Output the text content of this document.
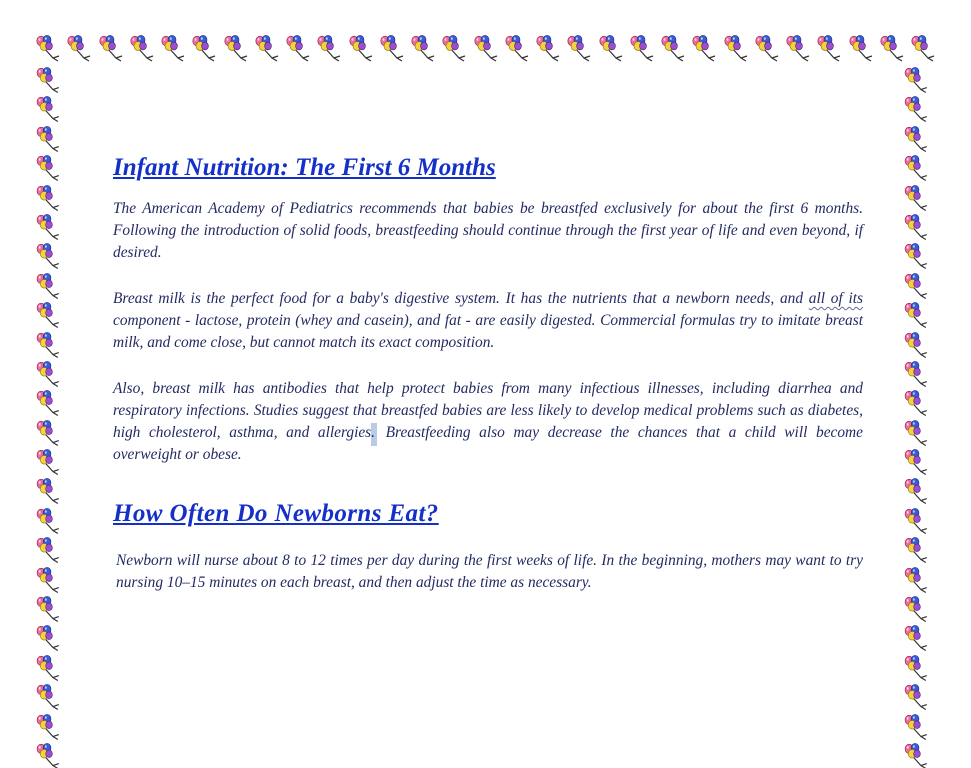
Infant Nutrition: The First 6 Months

The American Academy of Pediatrics recommends that babies be breastfed exclusively for about the first 6 months. Following the introduction of solid foods, breastfeeding should continue through the first year of life and even beyond, if desired.

Breast milk is the perfect food for a baby's digestive system. It has the nutrients that a newborn needs, and all of its component - lactose, protein (whey and casein), and fat - are easily digested. Commercial formulas try to imitate breast milk, and come close, but cannot match its exact composition.

Also, breast milk has antibodies that help protect babies from many infectious illnesses, including diarrhea and respiratory infections. Studies suggest that breastfed babies are less likely to develop medical problems such as diabetes, high cholesterol, asthma, and allergies. Breastfeeding also may decrease the chances that a child will become overweight or obese.

How Often Do Newborns Eat?

Newborn will nurse about 8 to 12 times per day during the first weeks of life. In the beginning, mothers may want to try nursing 10–15 minutes on each breast, and then adjust the time as necessary.
